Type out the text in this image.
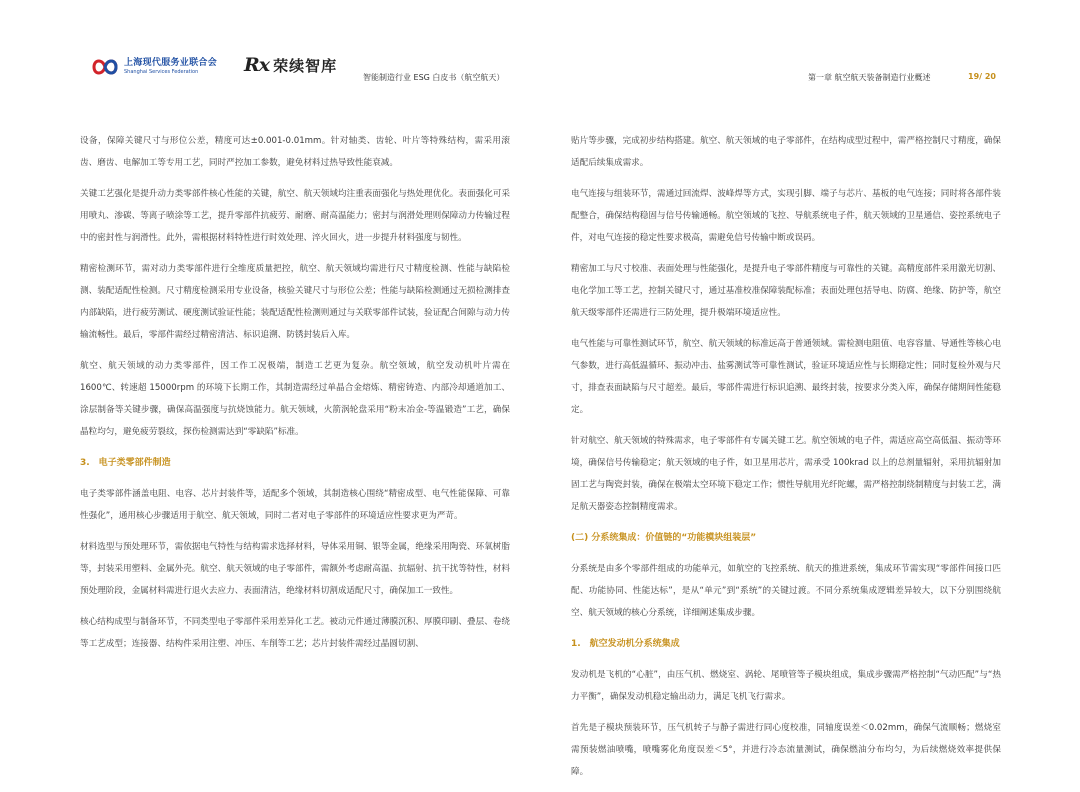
上海现代服务业联合会
Shanghai Services Federation	Rx 荣续智库
智能制造行业 ESG 白皮书（航空航天）	第一章 航空航天装备制造行业概述	19/ 20
设备，保障关键尺寸与形位公差，精度可达±0.001-0.01mm。针对轴类、齿轮、叶片等特殊结构，需采用滚齿、磨齿、电解加工等专用工艺，同时严控加工参数，避免材料过热导致性能衰减。
关键工艺强化是提升动力类零部件核心性能的关键，航空、航天领域均注重表面强化与热处理优化。表面强化可采用喷丸、渗碳、等离子喷涂等工艺，提升零部件抗疲劳、耐磨、耐高温能力；密封与润滑处理则保障动力传输过程中的密封性与润滑性。此外，需根据材料特性进行时效处理、淬火回火，进一步提升材料强度与韧性。
精密检测环节，需对动力类零部件进行全维度质量把控，航空、航天领域均需进行尺寸精度检测、性能与缺陷检测、装配适配性检测。尺寸精度检测采用专业设备，核验关键尺寸与形位公差；性能与缺陷检测通过无损检测排查内部缺陷，进行疲劳测试、硬度测试验证性能；装配适配性检测则通过与关联零部件试装，验证配合间隙与动力传输流畅性。最后，零部件需经过精密清洁、标识追溯、防锈封装后入库。
航空、航天领域的动力类零部件，因工作工况极端，制造工艺更为复杂。航空领域，航空发动机叶片需在 1600℃、转速超 15000rpm 的环境下长期工作，其制造需经过单晶合金熔炼、精密铸造、内部冷却通道加工、涂层制备等关键步骤，确保高温强度与抗烧蚀能力。航天领域，火箭涡轮盘采用“粉末冶金-等温锻造”工艺，确保晶粒均匀，避免疲劳裂纹，探伤检测需达到“零缺陷”标准。
3.　电子类零部件制造
电子类零部件涵盖电阻、电容、芯片封装件等，适配多个领域，其制造核心围绕“精密成型、电气性能保障、可靠性强化”，通用核心步骤适用于航空、航天领域，同时二者对电子零部件的环境适应性要求更为严苛。
材料选型与预处理环节，需依据电气特性与结构需求选择材料，导体采用铜、银等金属，绝缘采用陶瓷、环氧树脂等，封装采用塑料、金属外壳。航空、航天领域的电子零部件，需额外考虑耐高温、抗辐射、抗干扰等特性，材料预处理阶段，金属材料需进行退火去应力、表面清洁，绝缘材料切割成适配尺寸，确保加工一致性。
核心结构成型与制备环节，不同类型电子零部件采用差异化工艺。被动元件通过薄膜沉积、厚膜印刷、叠层、卷绕等工艺成型；连接器、结构件采用注塑、冲压、车削等工艺；芯片封装件需经过晶圆切割、
贴片等步骤，完成初步结构搭建。航空、航天领域的电子零部件，在结构成型过程中，需严格控制尺寸精度，确保适配后续集成需求。
电气连接与组装环节，需通过回流焊、波峰焊等方式，实现引脚、端子与芯片、基板的电气连接；同时将各部件装配整合，确保结构稳固与信号传输通畅。航空领域的飞控、导航系统电子件，航天领域的卫星通信、姿控系统电子件，对电气连接的稳定性要求极高，需避免信号传输中断或误码。
精密加工与尺寸校准、表面处理与性能强化，是提升电子零部件精度与可靠性的关键。高精度部件采用激光切割、电化学加工等工艺，控制关键尺寸，通过基准校准保障装配标准；表面处理包括导电、防腐、绝缘、防护等，航空航天级零部件还需进行三防处理，提升极端环境适应性。
电气性能与可靠性测试环节，航空、航天领域的标准远高于普通领域。需检测电阻值、电容容量、导通性等核心电气参数，进行高低温循环、振动冲击、盐雾测试等可靠性测试，验证环境适应性与长期稳定性；同时复检外观与尺寸，排查表面缺陷与尺寸超差。最后，零部件需进行标识追溯、最终封装，按要求分类入库，确保存储期间性能稳定。
针对航空、航天领域的特殊需求，电子零部件有专属关键工艺。航空领域的电子件，需适应高空高低温、振动等环境，确保信号传输稳定；航天领域的电子件，如卫星用芯片，需承受 100krad 以上的总剂量辐射，采用抗辐射加固工艺与陶瓷封装，确保在极端太空环境下稳定工作；惯性导航用光纤陀螺，需严格控制绕制精度与封装工艺，满足航天器姿态控制精度需求。
(二) 分系统集成：价值链的“功能模块组装层”
分系统是由多个零部件组成的功能单元，如航空的飞控系统、航天的推进系统，集成环节需实现“零部件间接口匹配、功能协同、性能达标”，是从“单元”到“系统”的关键过渡。不同分系统集成逻辑差异较大，以下分别围绕航空、航天领域的核心分系统，详细阐述集成步骤。
1.　航空发动机分系统集成
发动机是飞机的“心脏”，由压气机、燃烧室、涡轮、尾喷管等子模块组成，集成步骤需严格控制“气动匹配”与“热力平衡”，确保发动机稳定输出动力，满足飞机飞行需求。
首先是子模块预装环节，压气机转子与静子需进行同心度校准，同轴度误差＜0.02mm，确保气流顺畅；燃烧室需预装燃油喷嘴，喷嘴雾化角度误差＜5°，并进行冷态流量测试，确保燃油分布均匀，为后续燃烧效率提供保障。
